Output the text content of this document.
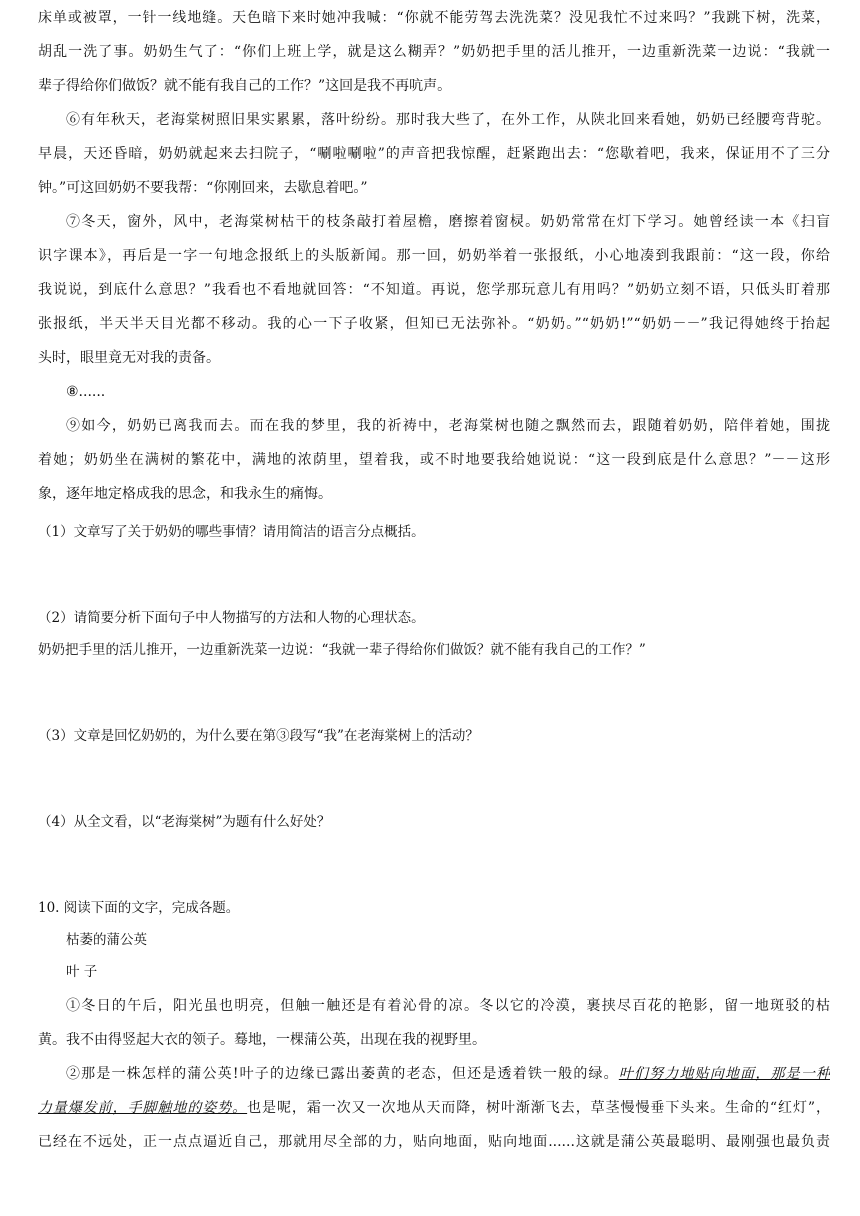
床单或被罩，一针一线地缝。天色暗下来时她冲我喊：“你就不能劳驾去洗洗菜？没见我忙不过来吗？”我跳下树，洗菜，
胡乱一洗了事。奶奶生气了：“你们上班上学，就是这么糊弄？”奶奶把手里的活儿推开，一边重新洗菜一边说：“我就一
辈子得给你们做饭？就不能有我自己的工作？”这回是我不再吭声。
⑥有年秋天，老海棠树照旧果实累累，落叶纷纷。那时我大些了，在外工作，从陕北回来看她，奶奶已经腰弯背驼。
早晨，天还昏暗，奶奶就起来去扫院子，“唰啦唰啦”的声音把我惊醒，赶紧跑出去：“您歇着吧，我来，保证用不了三分
钟。”可这回奶奶不要我帮：“你刚回来，去歇息着吧。”
⑦冬天，窗外，风中，老海棠树枯干的枝条敲打着屋檐，磨擦着窗棂。奶奶常常在灯下学习。她曾经读一本《扫盲
识字课本》，再后是一字一句地念报纸上的头版新闻。那一回，奶奶举着一张报纸，小心地凑到我跟前：“这一段，你给
我说说，到底什么意思？”我看也不看地就回答：“不知道。再说，您学那玩意儿有用吗？”奶奶立刻不语，只低头盯着那
张报纸，半天半天目光都不移动。我的心一下子收紧，但知已无法弥补。“奶奶。”“奶奶!”“奶奶－－”我记得她终于抬起
头时，眼里竟无对我的责备。
⑧......
⑨如今，奶奶已离我而去。而在我的梦里，我的祈祷中，老海棠树也随之飘然而去，跟随着奶奶，陪伴着她，围拢
着她；奶奶坐在满树的繁花中，满地的浓荫里，望着我，或不时地要我给她说说：“这一段到底是什么意思？”－－这形
象，逐年地定格成我的思念，和我永生的痛悔。
（1）文章写了关于奶奶的哪些事情？请用简洁的语言分点概括。
（2）请简要分析下面句子中人物描写的方法和人物的心理状态。
奶奶把手里的活儿推开，一边重新洗菜一边说：“我就一辈子得给你们做饭？就不能有我自己的工作？”
（3）文章是回忆奶奶的，为什么要在第③段写“我”在老海棠树上的活动？
（4）从全文看，以“老海棠树”为题有什么好处？
10. 阅读下面的文字，完成各题。
枯萎的蒲公英
叶 子
①冬日的午后，阳光虽也明亮，但触一触还是有着沁骨的凉。冬以它的冷漠，裹挟尽百花的艳影，留一地斑驳的枯
黄。我不由得竖起大衣的领子。蓦地，一棵蒲公英，出现在我的视野里。
②那是一株怎样的蒲公英!叶子的边缘已露出萎黄的老态，但还是透着铁一般的绿。叶们努力地贴向地面，那是一种
力量爆发前，手脚触地的姿势。也是呢，霜一次又一次地从天而降，树叶渐渐飞去，草茎慢慢垂下头来。生命的“红灯”，
已经在不远处，正一点点逼近自己，那就用尽全部的力，贴向地面，贴向地面......这就是蒲公英最聪明、最刚强也最负责
